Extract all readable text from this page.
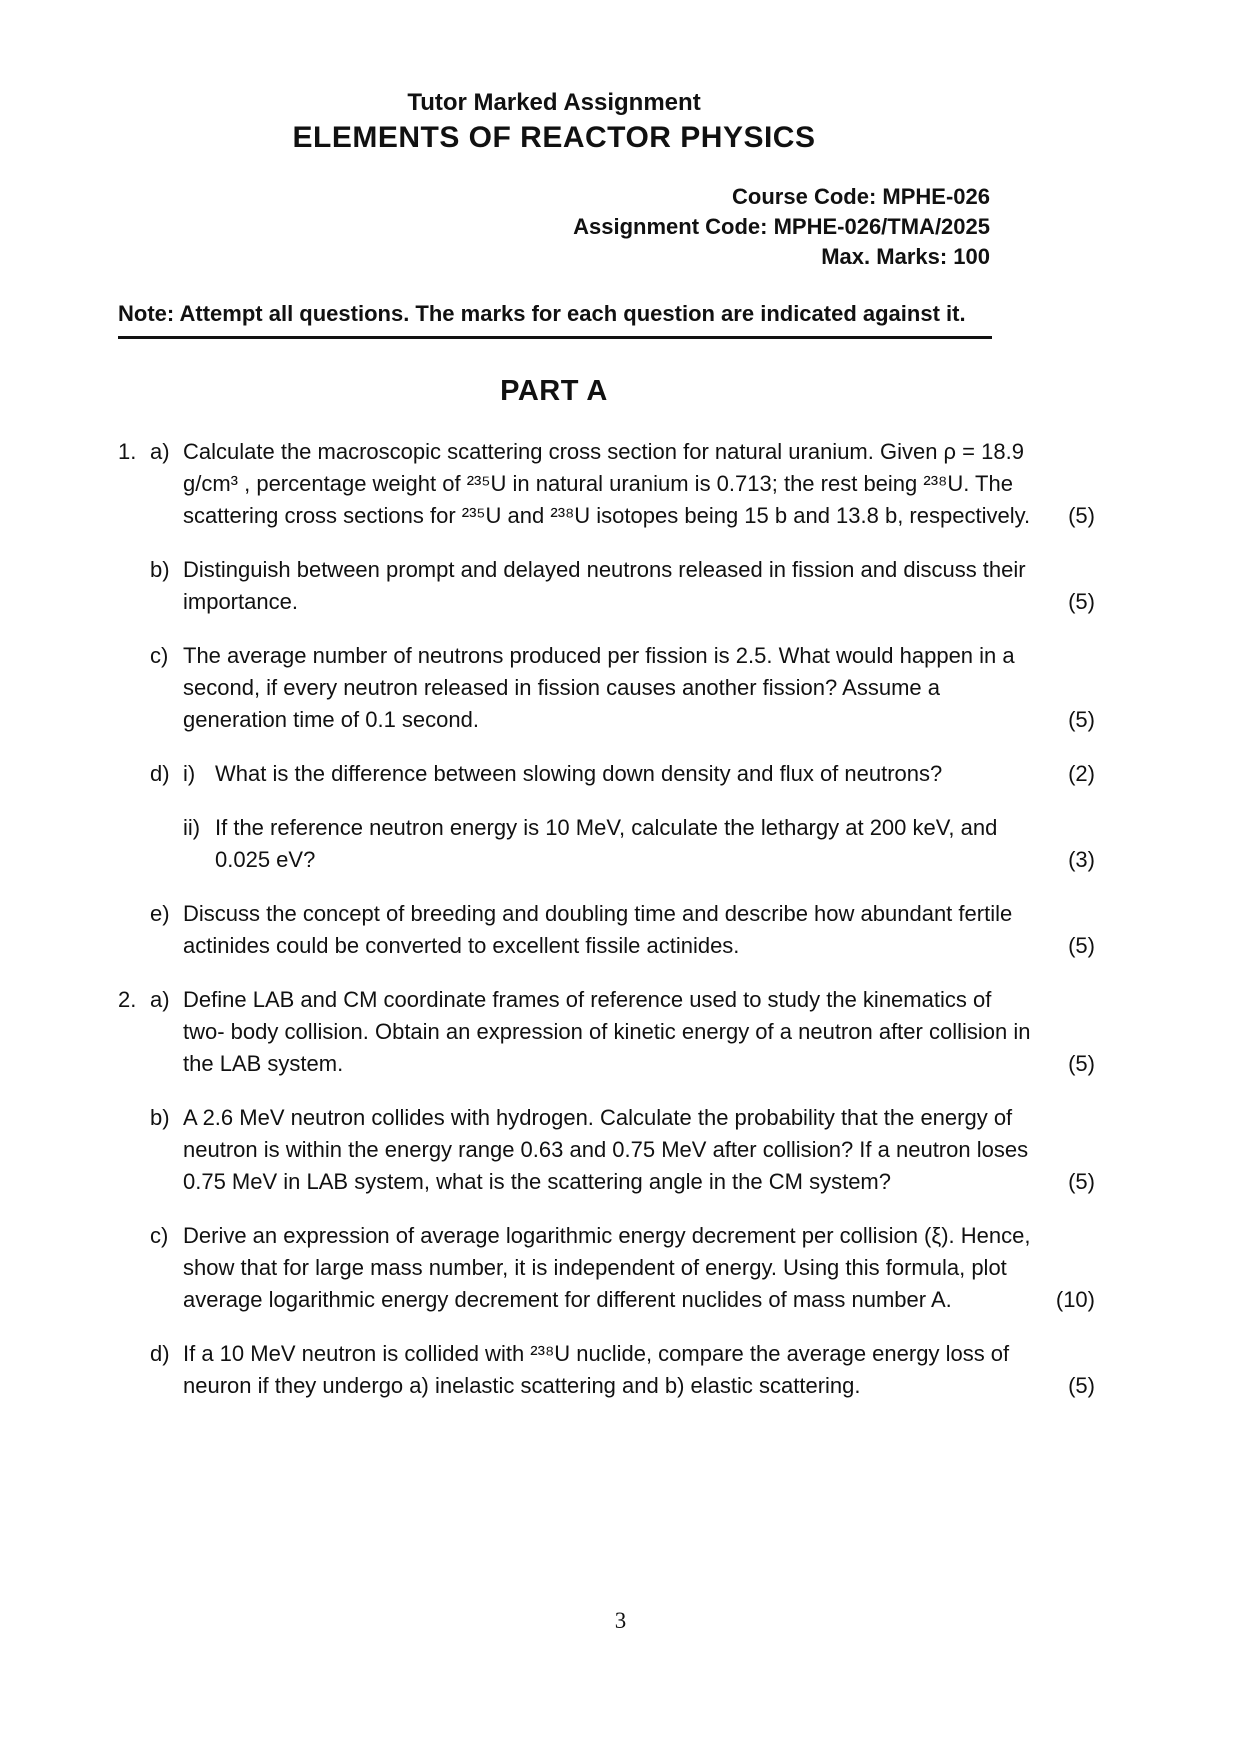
Tutor Marked Assignment
ELEMENTS OF REACTOR PHYSICS
Course Code: MPHE-026
Assignment Code: MPHE-026/TMA/2025
Max. Marks: 100
Note: Attempt all questions. The marks for each question are indicated against it.
PART A
1. a) Calculate the macroscopic scattering cross section for natural uranium. Given ρ = 18.9 g/cm³ , percentage weight of ²³⁵U in natural uranium is 0.713; the rest being ²³⁸U. The scattering cross sections for ²³⁵U and ²³⁸U isotopes being 15 b and 13.8 b, respectively.	(5)
b) Distinguish between prompt and delayed neutrons released in fission and discuss their importance.	(5)
c) The average number of neutrons produced per fission is 2.5. What would happen in a second, if every neutron released in fission causes another fission? Assume a generation time of 0.1 second.	(5)
d) i) What is the difference between slowing down density and flux of neutrons?	(2)
ii) If the reference neutron energy is 10 MeV, calculate the lethargy at 200 keV, and 0.025 eV?	(3)
e) Discuss the concept of breeding and doubling time and describe how abundant fertile actinides could be converted to excellent fissile actinides.	(5)
2. a) Define LAB and CM coordinate frames of reference used to study the kinematics of two- body collision. Obtain an expression of kinetic energy of a neutron after collision in the LAB system.	(5)
b) A 2.6 MeV neutron collides with hydrogen. Calculate the probability that the energy of neutron is within the energy range 0.63 and 0.75 MeV after collision? If a neutron loses 0.75 MeV in LAB system, what is the scattering angle in the CM system?	(5)
c) Derive an expression of average logarithmic energy decrement per collision (ξ). Hence, show that for large mass number, it is independent of energy. Using this formula, plot average logarithmic energy decrement for different nuclides of mass number A.	(10)
d) If a 10 MeV neutron is collided with ²³⁸U nuclide, compare the average energy loss of neuron if they undergo a) inelastic scattering and b) elastic scattering.	(5)
3
